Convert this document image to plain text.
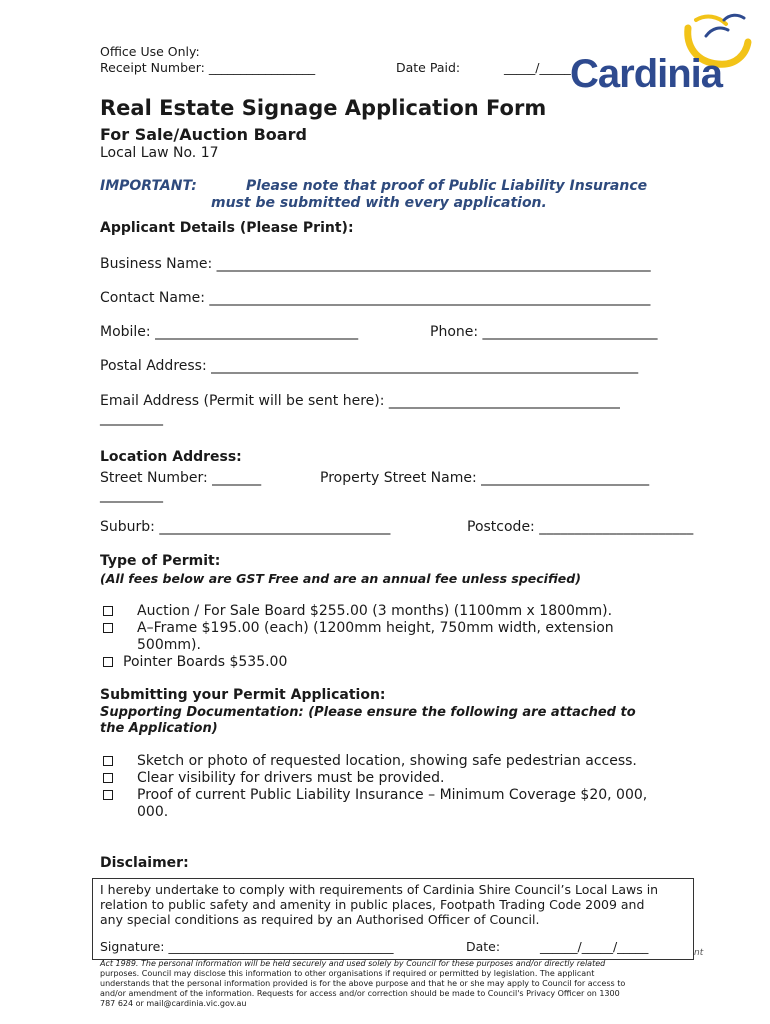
Office Use Only:
Receipt Number: _________________	Date Paid:	_____/_____ Cardinia
Real Estate Signage Application Form
For Sale/Auction Board
Local Law No. 17
IMPORTANT:	Please note that proof of Public Liability Insurance
must be submitted with every application.
Applicant Details (Please Print):
Business Name: ______________________________________________________________
Contact Name: _______________________________________________________________
Mobile: _____________________________	Phone: _________________________
Postal Address: _____________________________________________________________
Email Address (Permit will be sent here): _________________________________
_________
Location Address:
Street Number: _______	Property Street Name: ________________________
_________
Suburb: _________________________________	Postcode: ______________________
Type of Permit:
(All fees below are GST Free and are an annual fee unless specified)
Auction / For Sale Board $255.00 (3 months) (1100mm x 1800mm).
A–Frame $195.00 (each) (1200mm height, 750mm width, extension
500mm).
Pointer Boards $535.00
Submitting your Permit Application:
Supporting Documentation: (Please ensure the following are attached to
the Application)
Sketch or photo of requested location, showing safe pedestrian access.
Clear visibility for drivers must be provided.
Proof of current Public Liability Insurance – Minimum Coverage $20, 000,
000.
Disclaimer:
I hereby undertake to comply with requirements of Cardinia Shire Council’s Local Laws in
relation to public safety and amenity in public places, Footpath Trading Code 2009 and
any special conditions as required by an Authorised Officer of Council.
Signature: ____________________________________	Date:	______/_____/_____	nt
Act 1989. The personal information will be held securely and used solely by Council for these purposes and/or directly related
purposes. Council may disclose this information to other organisations if required or permitted by legislation. The applicant
understands that the personal information provided is for the above purpose and that he or she may apply to Council for access to
and/or amendment of the information. Requests for access and/or correction should be made to Council's Privacy Officer on 1300
787 624 or mail@cardinia.vic.gov.au
